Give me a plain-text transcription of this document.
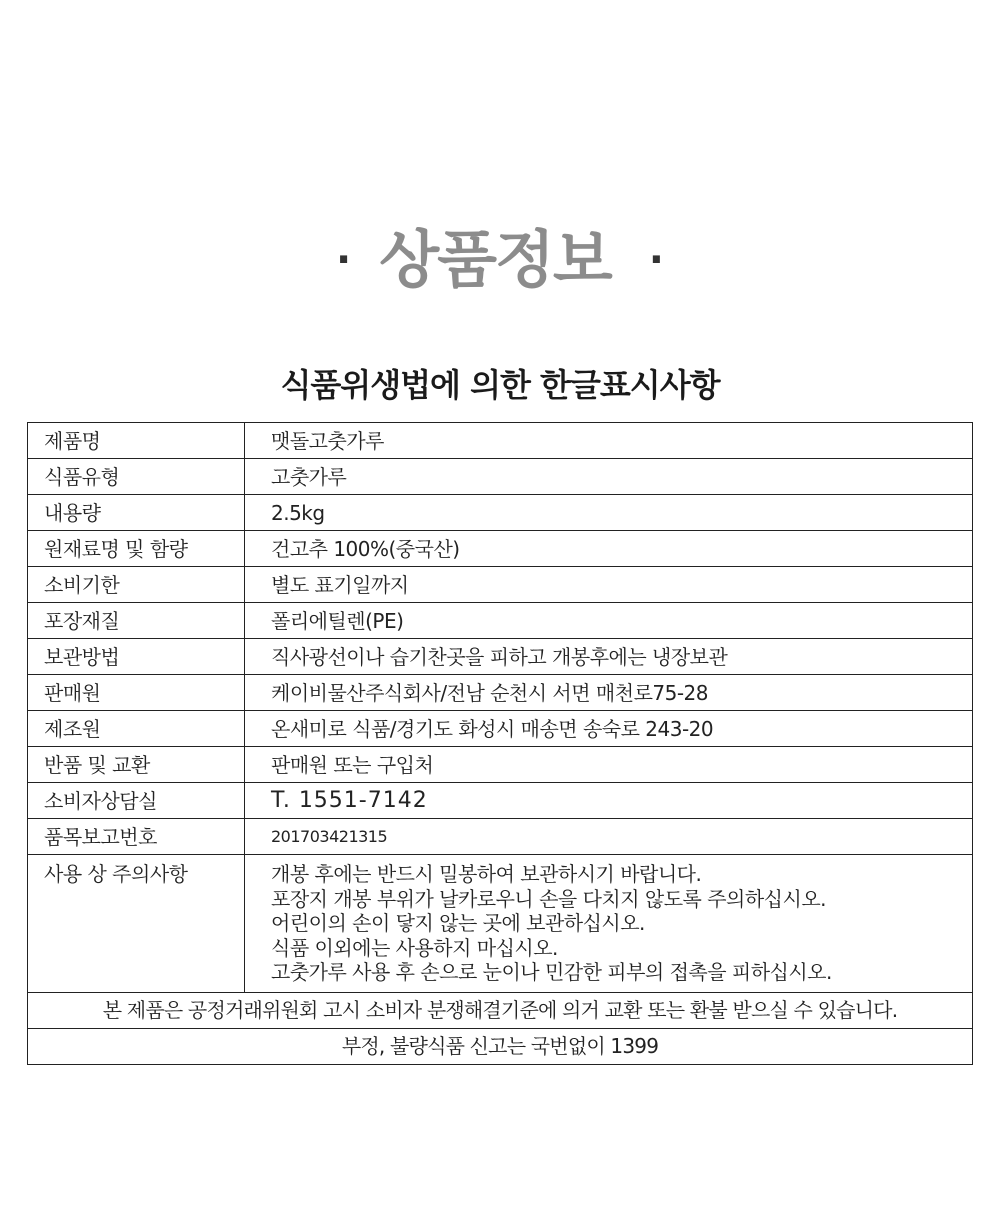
· 상품정보 ·
식품위생법에 의한 한글표시사항
제품명	맷돌고춧가루
식품유형	고춧가루
내용량	2.5kg
원재료명 및 함량	건고추 100%(중국산)
소비기한	별도 표기일까지
포장재질	폴리에틸렌(PE)
보관방법	직사광선이나 습기찬곳을 피하고 개봉후에는 냉장보관
판매원	케이비물산주식회사/전남 순천시 서면 매천로75-28
제조원	온새미로 식품/경기도 화성시 매송면 송숙로 243-20
반품 및 교환	판매원 또는 구입처
소비자상담실	T. 1551-7142
품목보고번호	201703421315
사용 상 주의사항	개봉 후에는 반드시 밀봉하여 보관하시기 바랍니다.
포장지 개봉 부위가 날카로우니 손을 다치지 않도록 주의하십시오.
어린이의 손이 닿지 않는 곳에 보관하십시오.
식품 이외에는 사용하지 마십시오.
고춧가루 사용 후 손으로 눈이나 민감한 피부의 접촉을 피하십시오.

본 제품은 공정거래위원회 고시 소비자 분쟁해결기준에 의거 교환 또는 환불 받으실 수 있습니다.	
부정, 불량식품 신고는 국번없이 1399	
